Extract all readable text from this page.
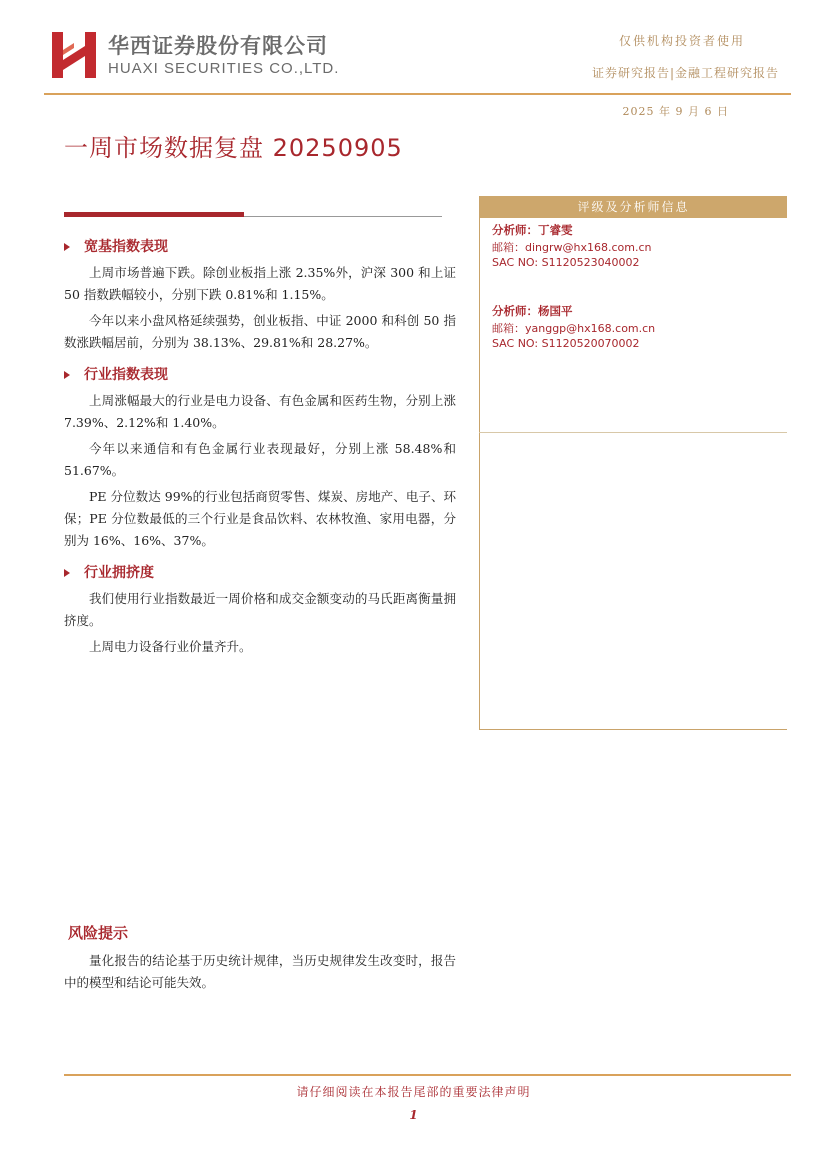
华西证券股份有限公司
HUAXI SECURITIES CO.,LTD.
仅供机构投资者使用
证券研究报告|金融工程研究报告
2025 年 9 月 6 日
一周市场数据复盘 20250905
宽基指数表现
上周市场普遍下跌。除创业板指上涨 2.35%外，沪深 300 和上证 50 指数跌幅较小，分别下跌 0.81%和 1.15%。
今年以来小盘风格延续强势，创业板指、中证 2000 和科创 50 指数涨跌幅居前，分别为 38.13%、29.81%和 28.27%。
行业指数表现
上周涨幅最大的行业是电力设备、有色金属和医药生物，分别上涨 7.39%、2.12%和 1.40%。
今年以来通信和有色金属行业表现最好，分别上涨 58.48%和 51.67%。
PE 分位数达 99%的行业包括商贸零售、煤炭、房地产、电子、环保；PE 分位数最低的三个行业是食品饮料、农林牧渔、家用电器，分别为 16%、16%、37%。
行业拥挤度
我们使用行业指数最近一周价格和成交金额变动的马氏距离衡量拥挤度。
上周电力设备行业价量齐升。
评级及分析师信息
分析师：丁睿雯
邮箱：dingrw@hx168.com.cn
SAC NO: S1120523040002
分析师：杨国平
邮箱：yanggp@hx168.com.cn
SAC NO: S1120520070002
风险提示
量化报告的结论基于历史统计规律，当历史规律发生改变时，报告中的模型和结论可能失效。
请仔细阅读在本报告尾部的重要法律声明
1
